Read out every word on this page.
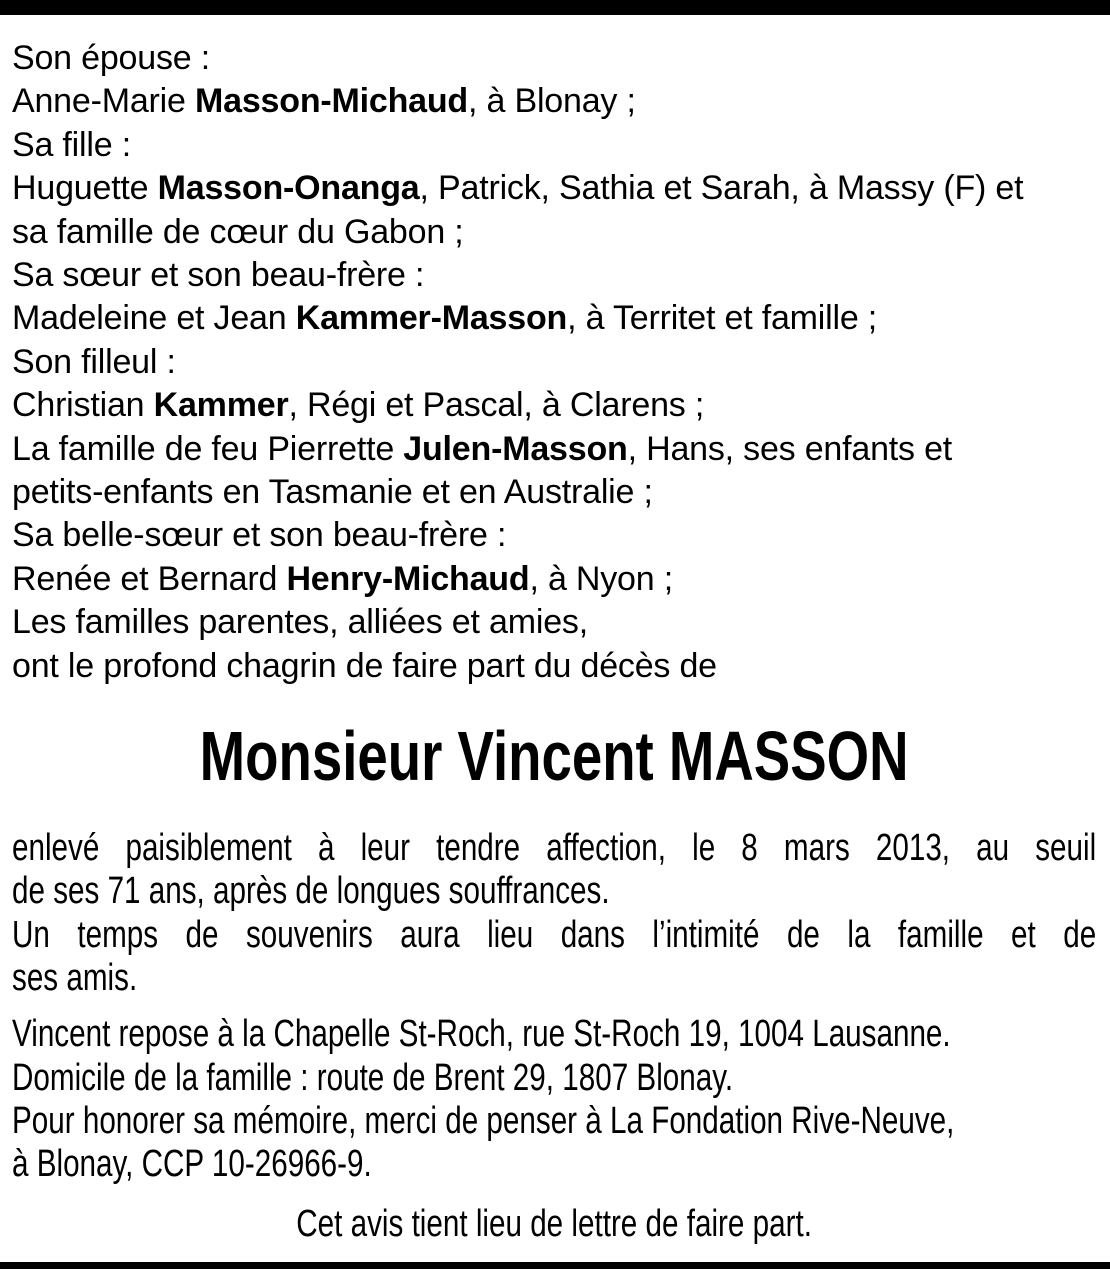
Son épouse :
Anne-Marie Masson-Michaud, à Blonay ;
Sa fille :
Huguette Masson-Onanga, Patrick, Sathia et Sarah, à Massy (F) et
sa famille de cœur du Gabon ;
Sa sœur et son beau-frère :
Madeleine et Jean Kammer-Masson, à Territet et famille ;
Son filleul :
Christian Kammer, Régi et Pascal, à Clarens ;
La famille de feu Pierrette Julen-Masson, Hans, ses enfants et
petits-enfants en Tasmanie et en Australie ;
Sa belle-sœur et son beau-frère :
Renée et Bernard Henry-Michaud, à Nyon ;
Les familles parentes, alliées et amies,
ont le profond chagrin de faire part du décès de
Monsieur Vincent MASSON
enlevé paisiblement à leur tendre affection, le 8 mars 2013, au seuil
de ses 71 ans, après de longues souffrances.
Un temps de souvenirs aura lieu dans l’intimité de la famille et de
ses amis.
Vincent repose à la Chapelle St-Roch, rue St-Roch 19, 1004 Lausanne.
Domicile de la famille : route de Brent 29, 1807 Blonay.
Pour honorer sa mémoire, merci de penser à La Fondation Rive-Neuve,
à Blonay, CCP 10-26966-9.
Cet avis tient lieu de lettre de faire part.
